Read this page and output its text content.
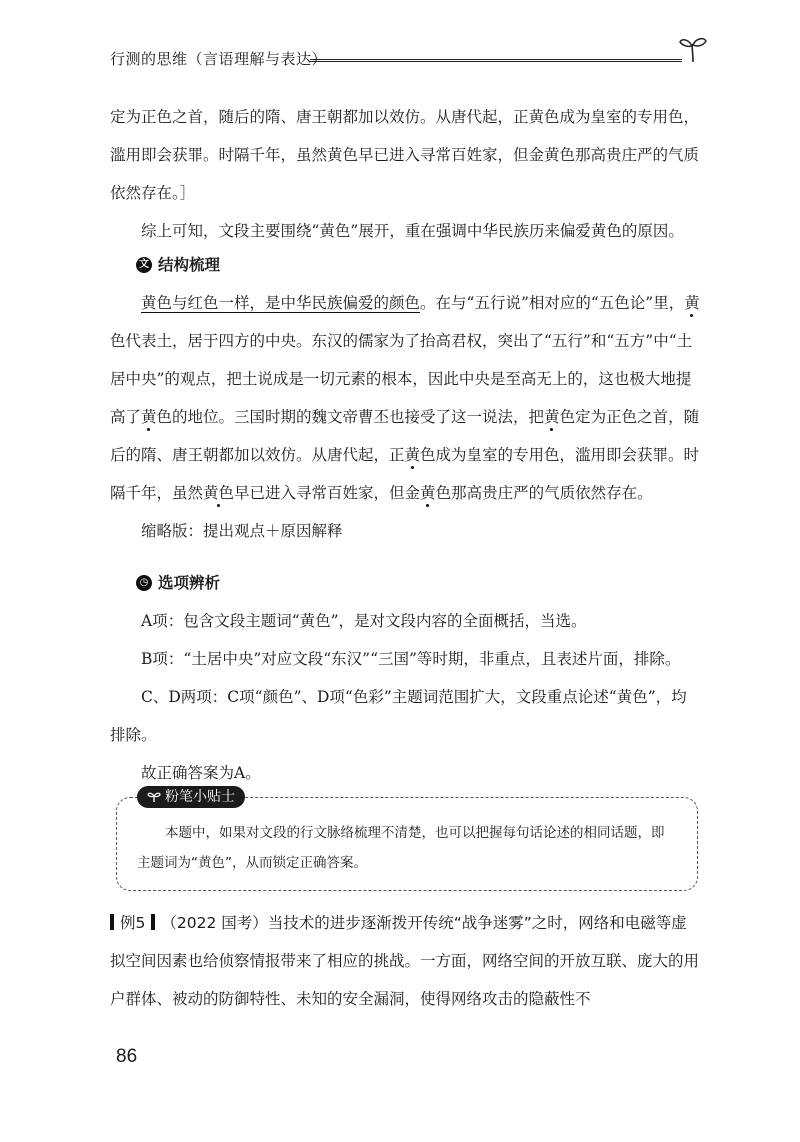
行测的思维（言语理解与表达）

定为正色之首，随后的隋、唐王朝都加以效仿。从唐代起，正黄色成为皇室的专用色，滥用即会获罪。时隔千年，虽然黄色早已进入寻常百姓家，但金黄色那高贵庄严的气质依然存在。］

综上可知，文段主要围绕“黄色”展开，重在强调中华民族历来偏爱黄色的原因。

文 结构梳理

黄色与红色一样，是中华民族偏爱的颜色。在与“五行说”相对应的“五色论”里，黄色代表土，居于四方的中央。东汉的儒家为了抬高君权，突出了“五行”和“五方”中“土居中央”的观点，把土说成是一切元素的根本，因此中央是至高无上的，这也极大地提高了黄色的地位。三国时期的魏文帝曹丕也接受了这一说法，把黄色定为正色之首，随后的隋、唐王朝都加以效仿。从唐代起，正黄色成为皇室的专用色，滥用即会获罪。时隔千年，虽然黄色早已进入寻常百姓家，但金黄色那高贵庄严的气质依然存在。

缩略版：提出观点＋原因解释

◷ 选项辨析

A项：包含文段主题词“黄色”，是对文段内容的全面概括，当选。

B项：“土居中央”对应文段“东汉”“三国”等时期，非重点，且表述片面，排除。

C、D两项：C项“颜色”、D项“色彩”主题词范围扩大，文段重点论述“黄色”，均排除。

故正确答案为A。

粉笔小贴士
本题中，如果对文段的行文脉络梳理不清楚，也可以把握每句话论述的相同话题，即主题词为“黄色”，从而锁定正确答案。
例5 （2022 国考）当技术的进步逐渐拨开传统“战争迷雾”之时，网络和电磁等虚拟空间因素也给侦察情报带来了相应的挑战。一方面，网络空间的开放互联、庞大的用户群体、被动的防御特性、未知的安全漏洞，使得网络攻击的隐蔽性不
86
